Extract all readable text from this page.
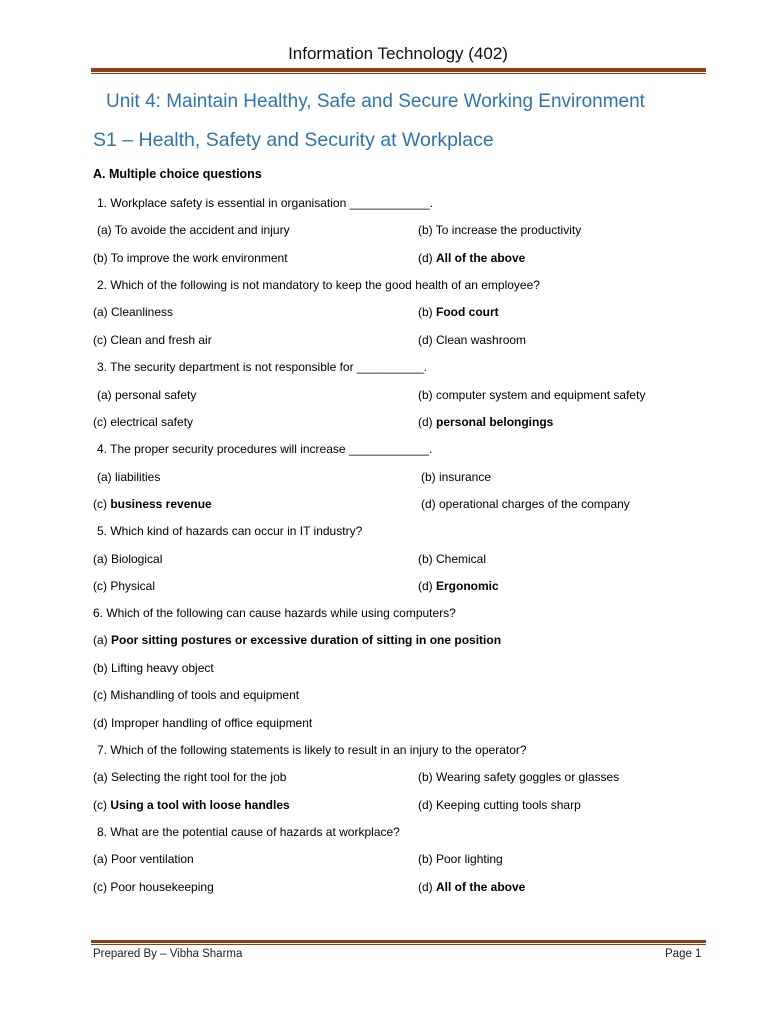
Information Technology (402)
Unit 4: Maintain Healthy, Safe and Secure Working Environment
S1 – Health, Safety and Security at Workplace
A. Multiple choice questions
1. Workplace safety is essential in organisation ____________.
(a) To avoide the accident and injury	(b) To increase the productivity
(b) To improve the work environment	(d) All of the above
2. Which of the following is not mandatory to keep the good health of an employee?
(a) Cleanliness	(b) Food court
(c) Clean and fresh air	(d) Clean washroom
3. The security department is not responsible for __________.
(a) personal safety	(b) computer system and equipment safety
(c) electrical safety	(d) personal belongings
4. The proper security procedures will increase ____________.
(a) liabilities	(b) insurance
(c) business revenue	(d) operational charges of the company
5. Which kind of hazards can occur in IT industry?
(a) Biological	(b) Chemical
(c) Physical	(d) Ergonomic
6. Which of the following can cause hazards while using computers?
(a) Poor sitting postures or excessive duration of sitting in one position
(b) Lifting heavy object
(c) Mishandling of tools and equipment
(d) Improper handling of office equipment
7. Which of the following statements is likely to result in an injury to the operator?
(a) Selecting the right tool for the job	(b) Wearing safety goggles or glasses
(c) Using a tool with loose handles	(d) Keeping cutting tools sharp
8. What are the potential cause of hazards at workplace?
(a) Poor ventilation	(b) Poor lighting
(c) Poor housekeeping	(d) All of the above
Prepared By – Vibha Sharma	Page 1
